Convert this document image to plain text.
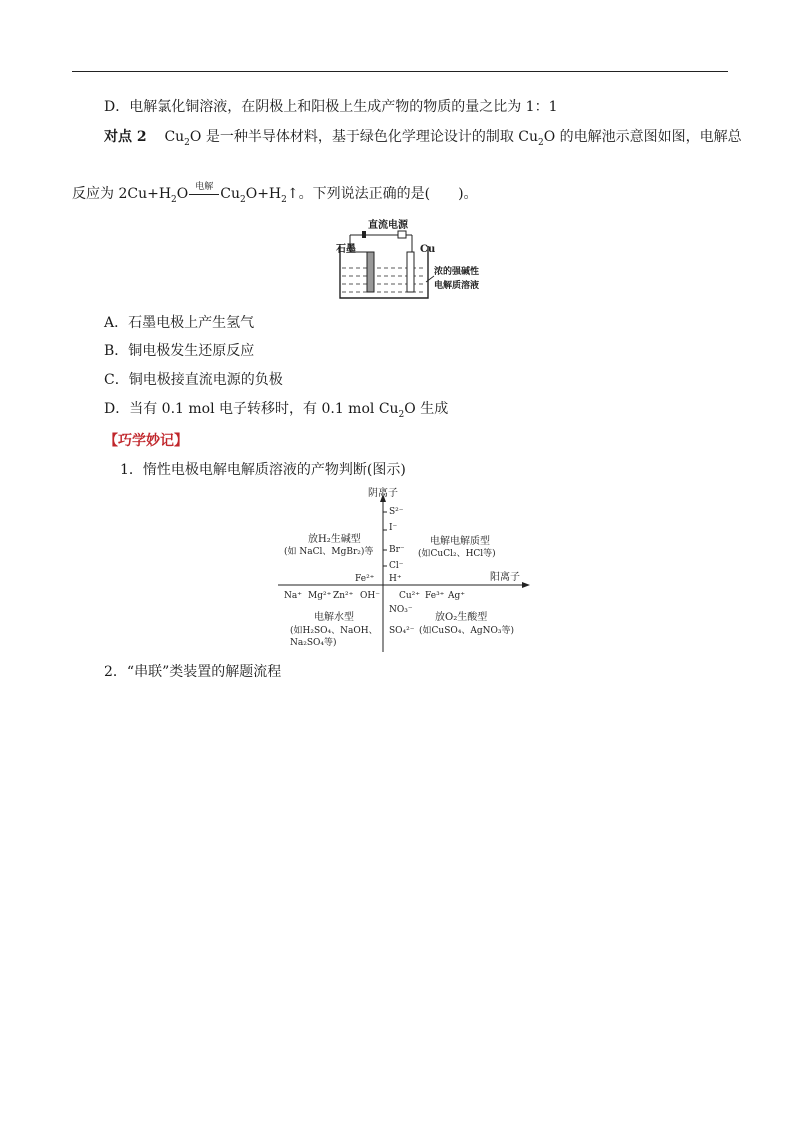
D．电解氯化铜溶液，在阴极上和阳极上生成产物的物质的量之比为 1：1
对点 2 $Cu_2O$ 是一种半导体材料，基于绿色化学理论设计的制取 $Cu_2O$ 的电解池示意图如图，电解总
反应为 $2Cu+H_2O$ 电解 $Cu_2O+H_2↑$。下列说法正确的是(　　)。
直流电源
石墨	Cu
浓的强碱性
电解质溶液
A．石墨电极上产生氢气
B．铜电极发生还原反应
C．铜电极接直流电源的负极
D．当有 0.1 mol 电子转移时，有 0.1 mol $Cu_2O$ 生成
【巧学妙记】
1．惰性电极电解电解质溶液的产物判断(图示)
阴离子
阳离子
S²⁻
I⁻
Br⁻
Cl⁻
H⁺
Fe²⁺
Na⁺ Mg²⁺ Zn²⁺ OH⁻ Cu²⁺ Fe³⁺ Ag⁺
NO₃⁻
SO₄²⁻
放H₂生碱型
(如 NaCl、MgBr₂)等
电解电解质型
(如CuCl₂、HCl等)
电解水型
(如H₂SO₄、NaOH、
Na₂SO₄等)
放O₂生酸型
(如CuSO₄、AgNO₃等)
2．“串联”类装置的解题流程
